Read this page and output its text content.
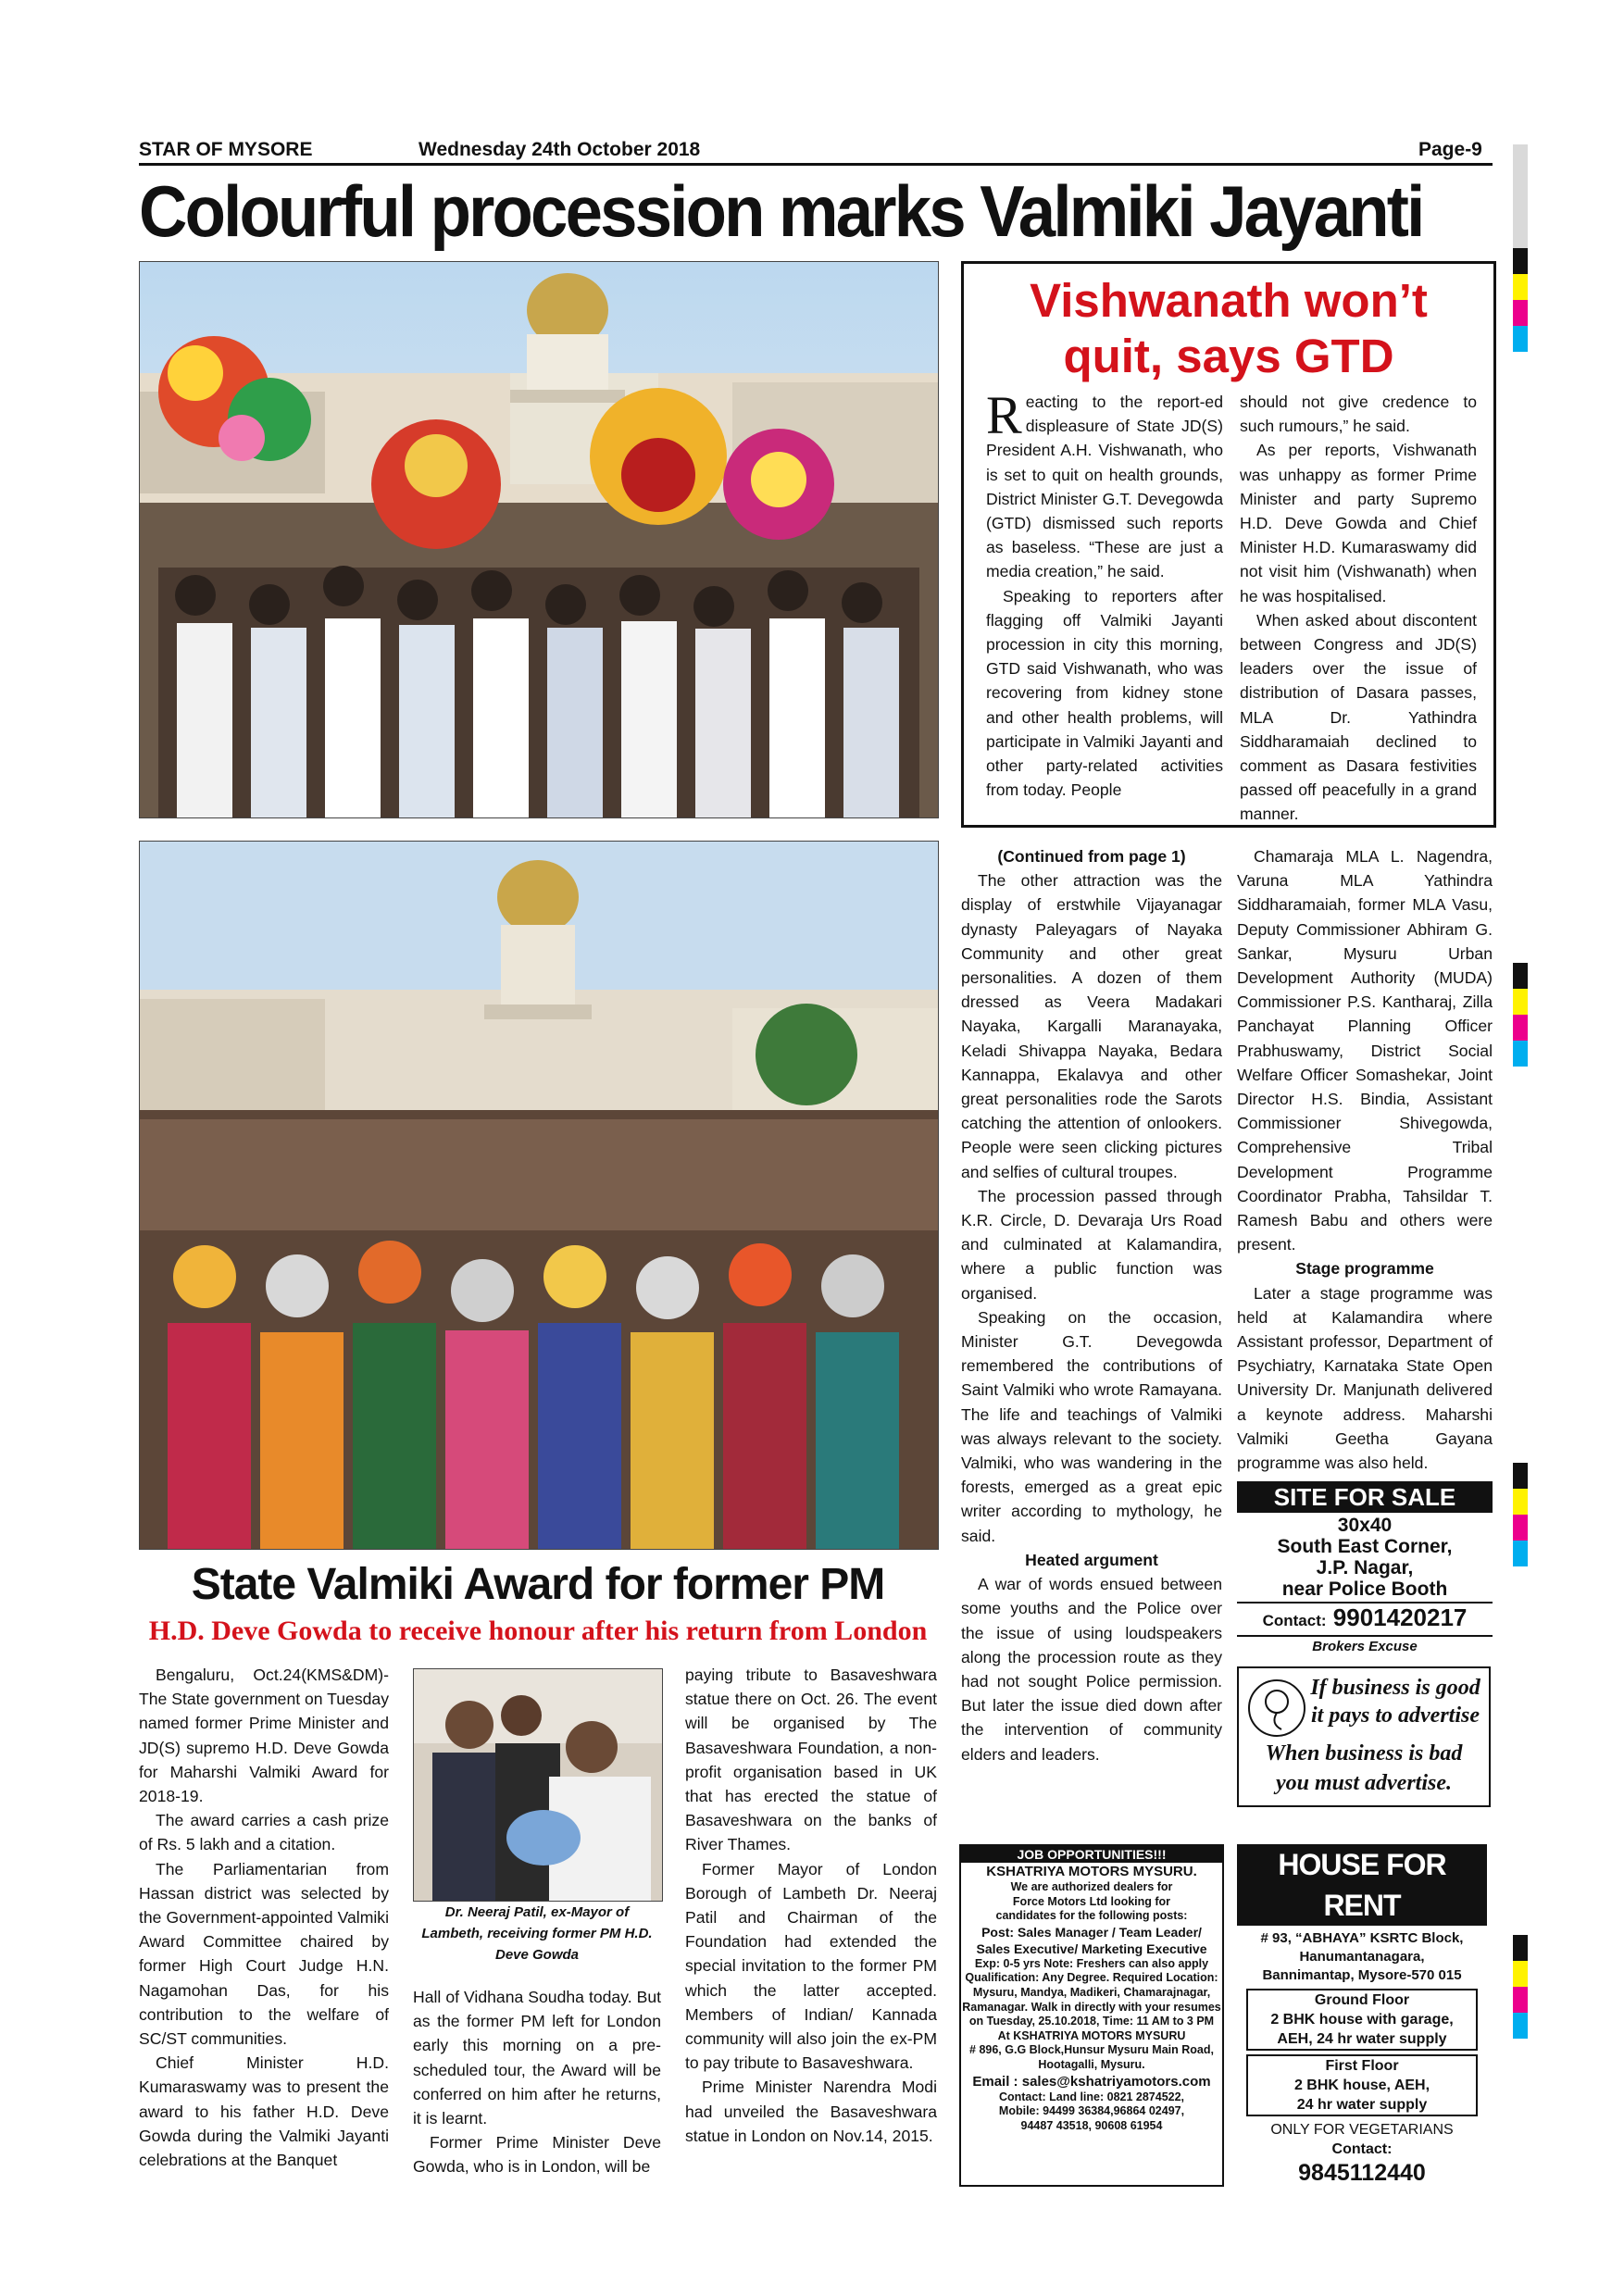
STAR OF MYSORE	Wednesday 24th October 2018	Page-9
Colourful procession marks Valmiki Jayanti
Vishwanath won’t
quit, says GTD

Reacting to the report-ed displeasure of State JD(S) President A.H. Vishwanath, who is set to quit on health grounds, District Minister G.T. Devegowda (GTD) dismissed such reports as baseless. “These are just a media creation,” he said.

Speaking to reporters after flagging off Valmiki Jayanti procession in city this morning, GTD said Vishwanath, who was recovering from kidney stone and other health problems, will participate in Valmiki Jayanti and other party-related activities from today. People

should not give credence to such rumours,” he said.

As per reports, Vishwanath was unhappy as former Prime Minister and party Supremo H.D. Deve Gowda and Chief Minister H.D. Kumaraswamy did not visit him (Vishwanath) when he was hospitalised.

When asked about discontent between Congress and JD(S) leaders over the issue of distribution of Dasara passes, MLA Dr. Yathindra Siddharamaiah declined to comment as Dasara festivities passed off peacefully in a grand manner.

(Continued from page 1)

The other attraction was the display of erstwhile Vijayanagar dynasty Paleyagars of Nayaka Community and other great personalities. A dozen of them dressed as Veera Madakari Nayaka, Kargalli Maranayaka, Keladi Shivappa Nayaka, Bedara Kannappa, Ekalavya and other great personalities rode the Sarots catching the attention of onlookers. People were seen clicking pictures and selfies of cultural troupes.

The procession passed through K.R. Circle, D. Devaraja Urs Road and culminated at Kalamandira, where a public function was organised.

Speaking on the occasion, Minister G.T. Devegowda remembered the contributions of Saint Valmiki who wrote Ramayana. The life and teachings of Valmiki was always relevant to the society. Valmiki, who was wandering in the forests, emerged as a great epic writer according to mythology, he said.

Heated argument

A war of words ensued between some youths and the Police over the issue of using loudspeakers along the procession route as they had not sought Police permission. But later the issue died down after the intervention of community elders and leaders.

Chamaraja MLA L. Nagendra, Varuna MLA Yathindra Siddharamaiah, former MLA Vasu, Deputy Commissioner Abhiram G. Sankar, Mysuru Urban Development Authority (MUDA) Commissioner P.S. Kantharaj, Zilla Panchayat Planning Officer Prabhuswamy, District Social Welfare Officer Somashekar, Joint Director H.S. Bindia, Assistant Commissioner Shivegowda, Comprehensive Tribal Development Programme Coordinator Prabha, Tahsildar T. Ramesh Babu and others were present.

Stage programme

Later a stage programme was held at Kalamandira where Assistant professor, Department of Psychiatry, Karnataka State Open University Dr. Manjunath delivered a keynote address. Maharshi Valmiki Geetha Gayana programme was also held.

SITE FOR SALE
30x40
South East Corner,
J.P. Nagar,
near Police Booth
Contact: 9901420217
Brokers Excuse
If business is good
it pays to advertise
When business is bad
you must advertise.
State Valmiki Award for former PM
H.D. Deve Gowda to receive honour after his return from London

Bengaluru, Oct.24(KMS&DM)- The State government on Tuesday named former Prime Minister and JD(S) supremo H.D. Deve Gowda for Maharshi Valmiki Award for 2018-19.

The award carries a cash prize of Rs. 5 lakh and a citation.

The Parliamentarian from Hassan district was selected by the Government-appointed Valmiki Award Committee chaired by former High Court Judge H.N. Nagamohan Das, for his contribution to the welfare of SC/ST communities.

Chief Minister H.D. Kumaraswamy was to present the award to his father H.D. Deve Gowda during the Valmiki Jayanti celebrations at the Banquet

Dr. Neeraj Patil, ex-Mayor of Lambeth, receiving former PM H.D. Deve Gowda

Hall of Vidhana Soudha today. But as the former PM left for London early this morning on a pre-scheduled tour, the Award will be conferred on him after he returns, it is learnt.

Former Prime Minister Deve Gowda, who is in London, will be

paying tribute to Basaveshwara statue there on Oct. 26. The event will be organised by The Basaveshwara Foundation, a non-profit organisation based in UK that has erected the statue of Basaveshwara on the banks of River Thames.

Former Mayor of London Borough of Lambeth Dr. Neeraj Patil and Chairman of the Foundation had extended the special invitation to the former PM which the latter accepted. Members of Indian/ Kannada community will also join the ex-PM to pay tribute to Basaveshwara.

Prime Minister Narendra Modi had unveiled the Basaveshwara statue in London on Nov.14, 2015.

JOB OPPORTUNITIES!!!
KSHATRIYA MOTORS MYSURU.
We are authorized dealers for
Force Motors Ltd looking for
candidates for the following posts:
Post: Sales Manager / Team Leader/
Sales Executive/ Marketing Executive
Exp: 0-5 yrs Note: Freshers can also apply
Qualification: Any Degree. Required Location:
Mysuru, Mandya, Madikeri, Chamarajnagar,
Ramanagar. Walk in directly with your resumes
on Tuesday, 25.10.2018, Time: 11 AM to 3 PM
At KSHATRIYA MOTORS MYSURU
# 896, G.G Block,Hunsur Mysuru Main Road,
Hootagalli, Mysuru.
Email : sales@kshatriyamotors.com
Contact: Land line: 0821 2874522,
Mobile: 94499 36384,96864 02497,
94487 43518, 90608 61954
HOUSE FOR RENT
# 93, “ABHAYA” KSRTC Block,
Hanumantanagara,
Bannimantap, Mysore-570 015
Ground Floor
2 BHK house with garage,
AEH, 24 hr water supply
First Floor
2 BHK house, AEH,
24 hr water supply
ONLY FOR VEGETARIANS
Contact:
9845112440
